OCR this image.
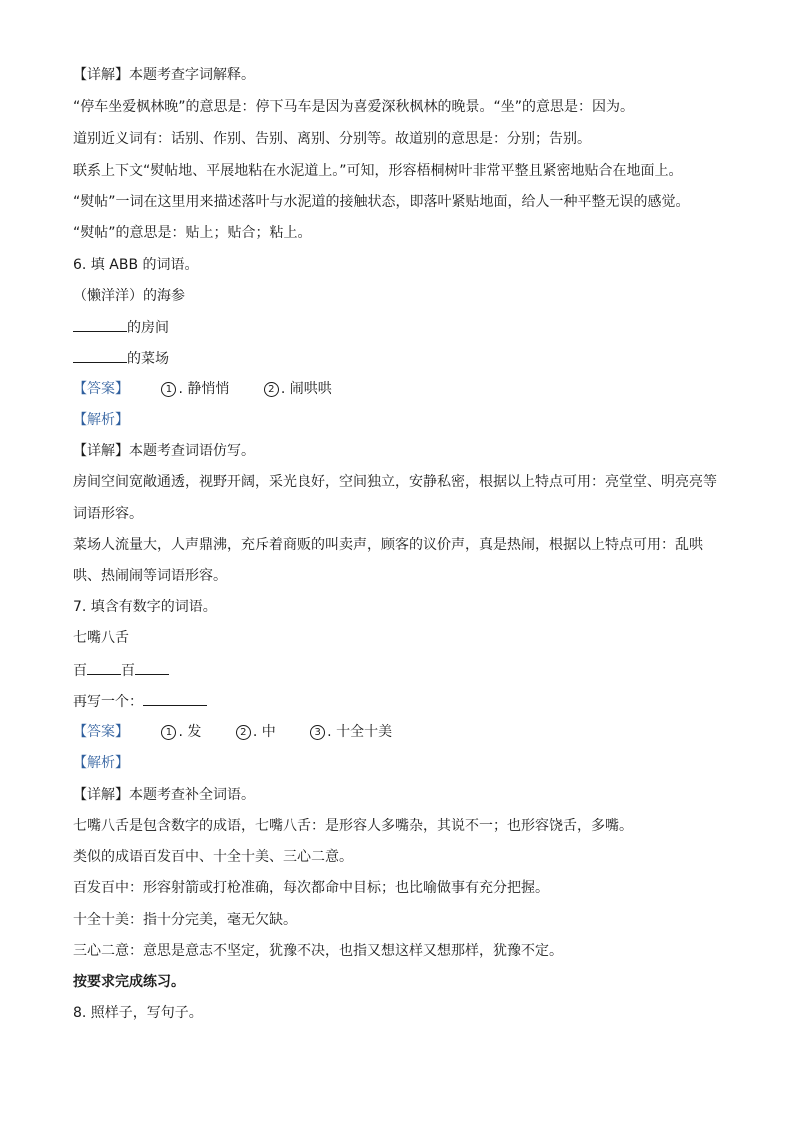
【详解】本题考查字词解释。
“停车坐爱枫林晚”的意思是：停下马车是因为喜爱深秋枫林的晚景。“坐”的意思是：因为。
道别近义词有：话别、作别、告别、离别、分别等。故道别的意思是：分别；告别。
联系上下文“熨帖地、平展地粘在水泥道上。”可知，形容梧桐树叶非常平整且紧密地贴合在地面上。
“熨帖”一词在这里用来描述落叶与水泥道的接触状态，即落叶紧贴地面，给人一种平整无误的感觉。
“熨帖”的意思是：贴上；贴合；粘上。
6. 填 ABB 的词语。
（懒洋洋）的海参
的房间
的菜场
【答案】	1 . 静悄悄	2 . 闹哄哄
【解析】
【详解】本题考查词语仿写。
房间空间宽敞通透，视野开阔，采光良好，空间独立，安静私密，根据以上特点可用：亮堂堂、明亮亮等
词语形容。
菜场人流量大，人声鼎沸，充斥着商贩的叫卖声，顾客的议价声，真是热闹，根据以上特点可用：乱哄
哄、热闹闹等词语形容。
7. 填含有数字的词语。
七嘴八舌
百 百
再写一个：
【答案】	1 . 发	2 . 中	3 . 十全十美
【解析】
【详解】本题考查补全词语。
七嘴八舌是包含数字的成语，七嘴八舌：是形容人多嘴杂，其说不一；也形容饶舌，多嘴。
类似的成语百发百中、十全十美、三心二意。
百发百中：形容射箭或打枪准确，每次都命中目标；也比喻做事有充分把握。
十全十美：指十分完美，毫无欠缺。
三心二意：意思是意志不坚定，犹豫不决，也指又想这样又想那样，犹豫不定。
按要求完成练习。
8. 照样子，写句子。
